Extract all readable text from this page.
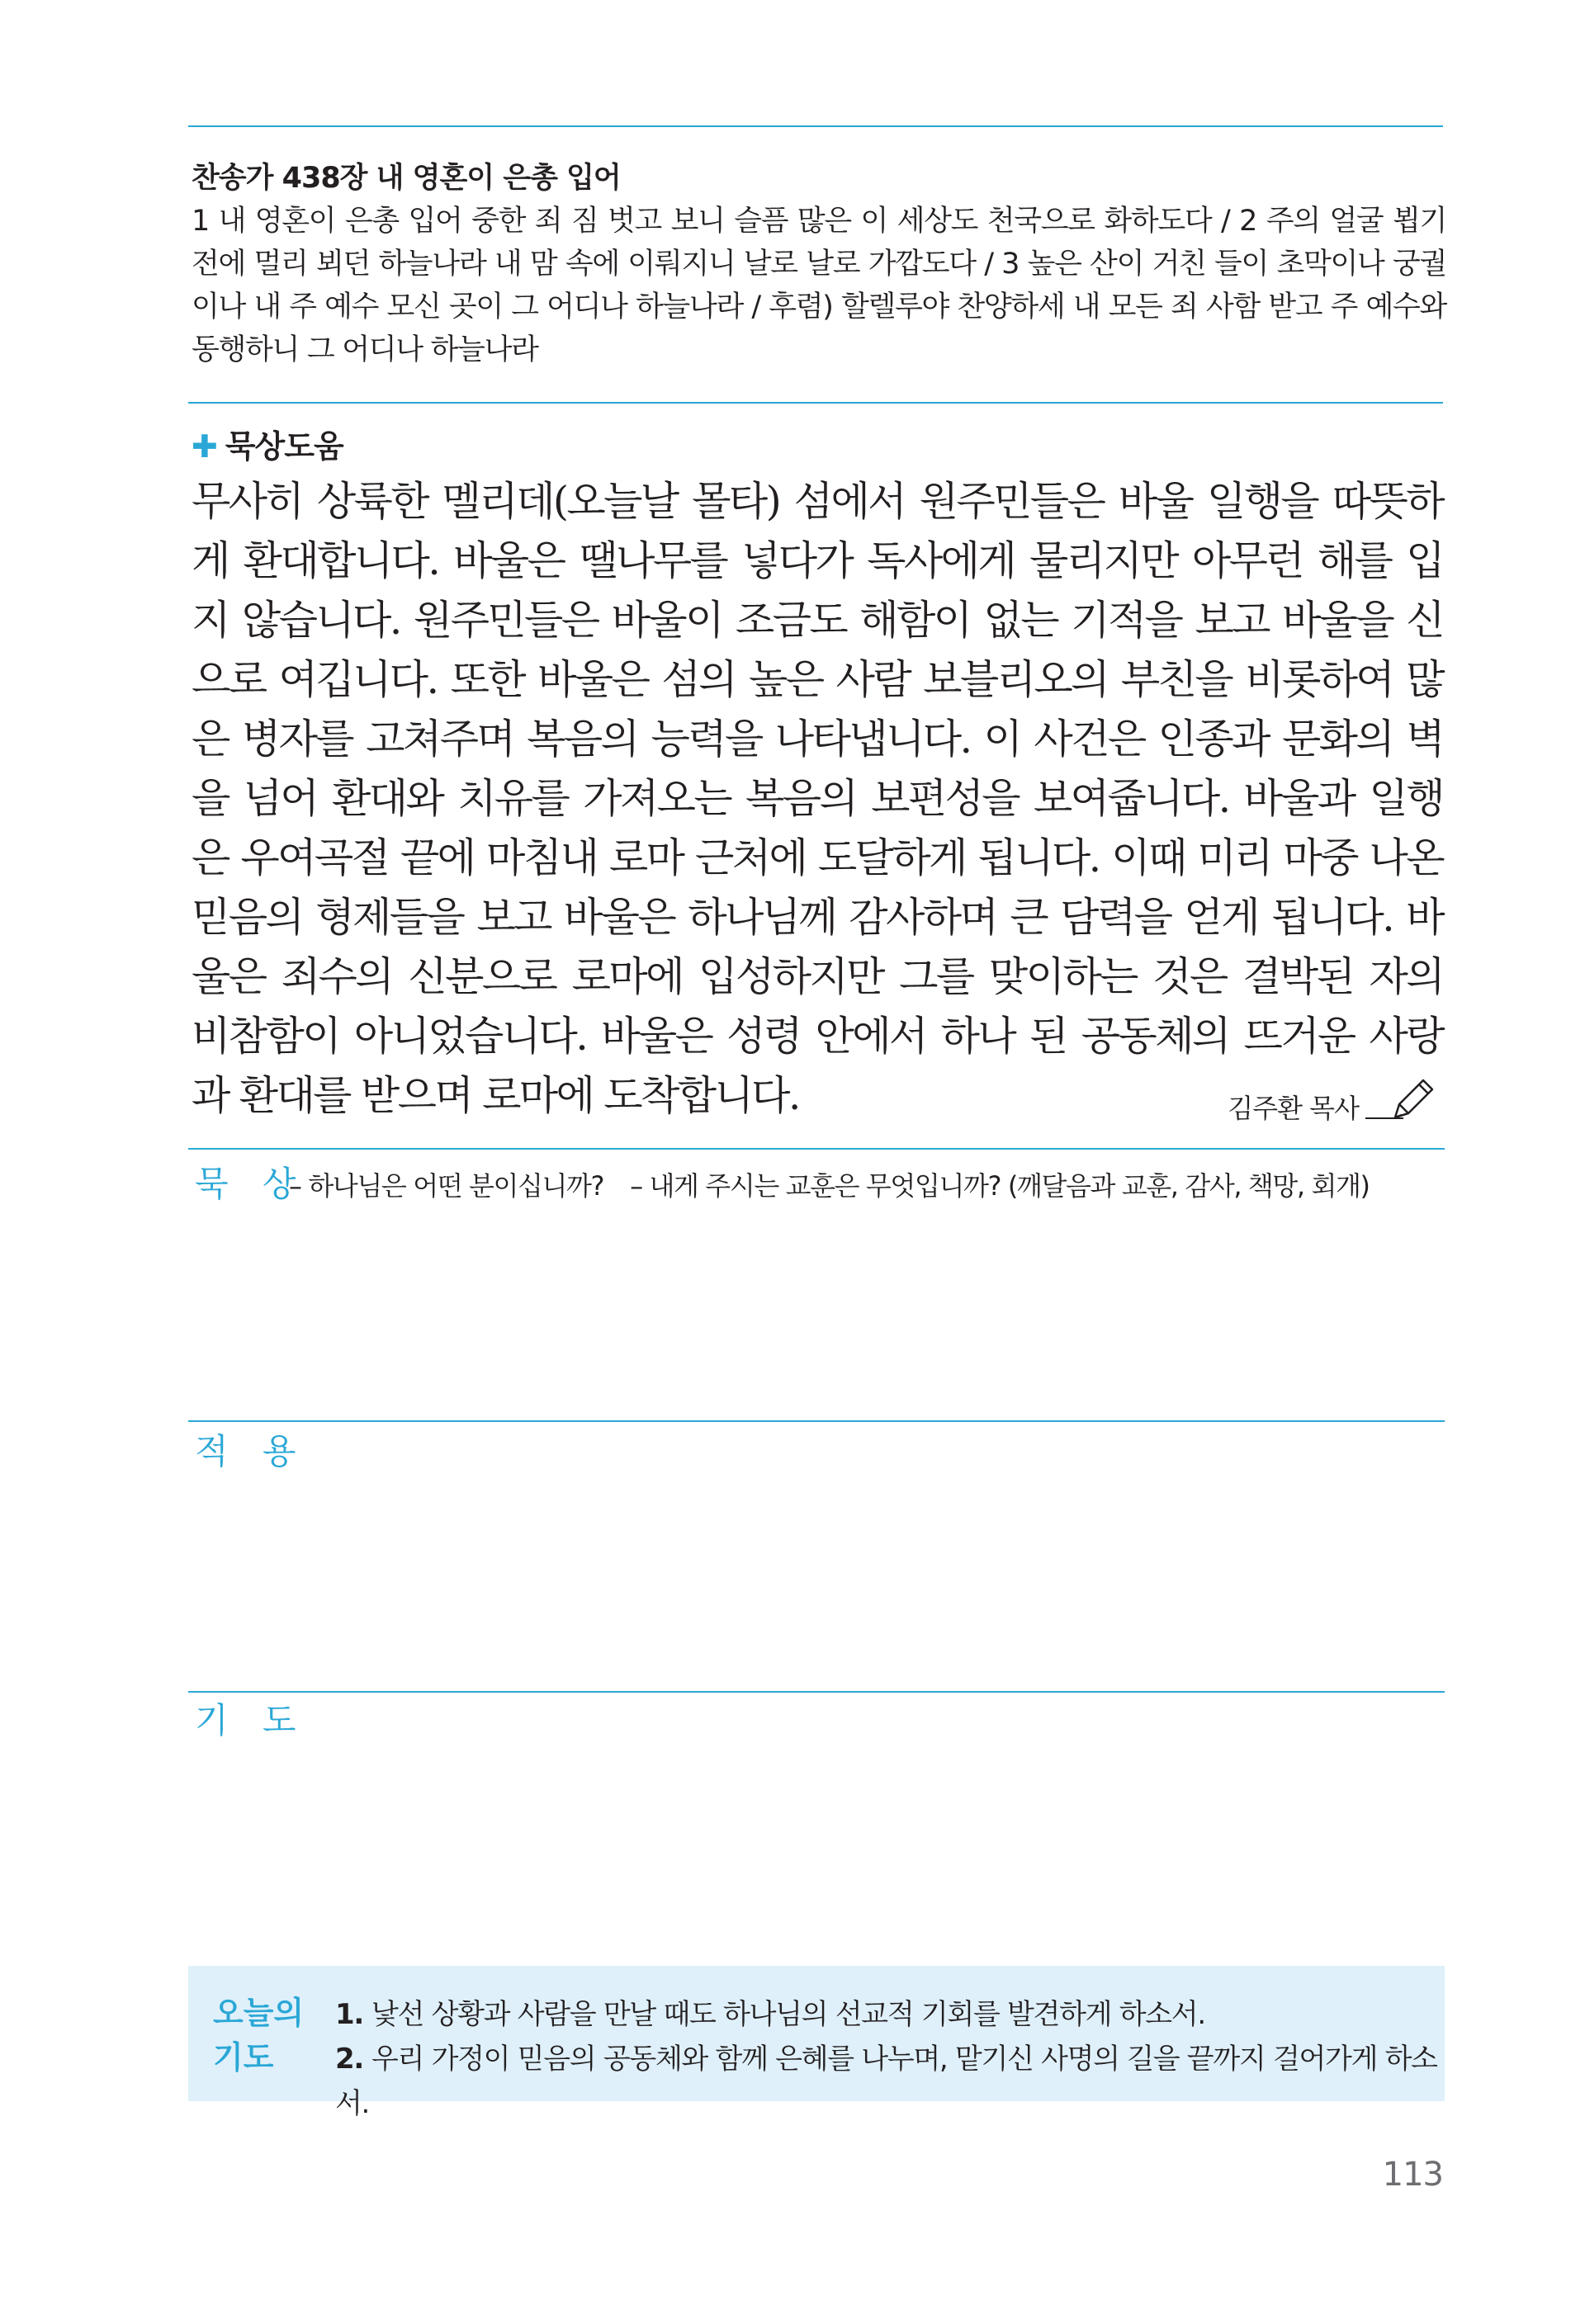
찬송가 438장 내 영혼이 은총 입어
1 내 영혼이 은총 입어 중한 죄 짐 벗고 보니 슬픔 많은 이 세상도 천국으로 화하도다 / 2 주의 얼굴 뵙기 전에 멀리 뵈던 하늘나라 내 맘 속에 이뤄지니 날로 날로 가깝도다 / 3 높은 산이 거친 들이 초막이나 궁궐이나 내 주 예수 모신 곳이 그 어디나 하늘나라 / 후렴) 할렐루야 찬양하세 내 모든 죄 사함 받고 주 예수와 동행하니 그 어디나 하늘나라
✚ 묵상도움
무사히 상륙한 멜리데(오늘날 몰타) 섬에서 원주민들은 바울 일행을 따뜻하게 환대합니다. 바울은 땔나무를 넣다가 독사에게 물리지만 아무런 해를 입지 않습니다. 원주민들은 바울이 조금도 해함이 없는 기적을 보고 바울을 신으로 여깁니다. 또한 바울은 섬의 높은 사람 보블리오의 부친을 비롯하여 많은 병자를 고쳐주며 복음의 능력을 나타냅니다. 이 사건은 인종과 문화의 벽을 넘어 환대와 치유를 가져오는 복음의 보편성을 보여줍니다. 바울과 일행은 우여곡절 끝에 마침내 로마 근처에 도달하게 됩니다. 이때 미리 마중 나온 믿음의 형제들을 보고 바울은 하나님께 감사하며 큰 담력을 얻게 됩니다. 바울은 죄수의 신분으로 로마에 입성하지만 그를 맞이하는 것은 결박된 자의 비참함이 아니었습니다. 바울은 성령 안에서 하나 된 공동체의 뜨거운 사랑과 환대를 받으며 로마에 도착합니다.	김주환 목사
묵 상
– 하나님은 어떤 분이십니까? – 내게 주시는 교훈은 무엇입니까? (깨달음과 교훈, 감사, 책망, 회개)
적 용
기 도
오늘의
기도
1. 낯선 상황과 사람을 만날 때도 하나님의 선교적 기회를 발견하게 하소서.
2. 우리 가정이 믿음의 공동체와 함께 은혜를 나누며, 맡기신 사명의 길을 끝까지 걸어가게 하소서.
113
